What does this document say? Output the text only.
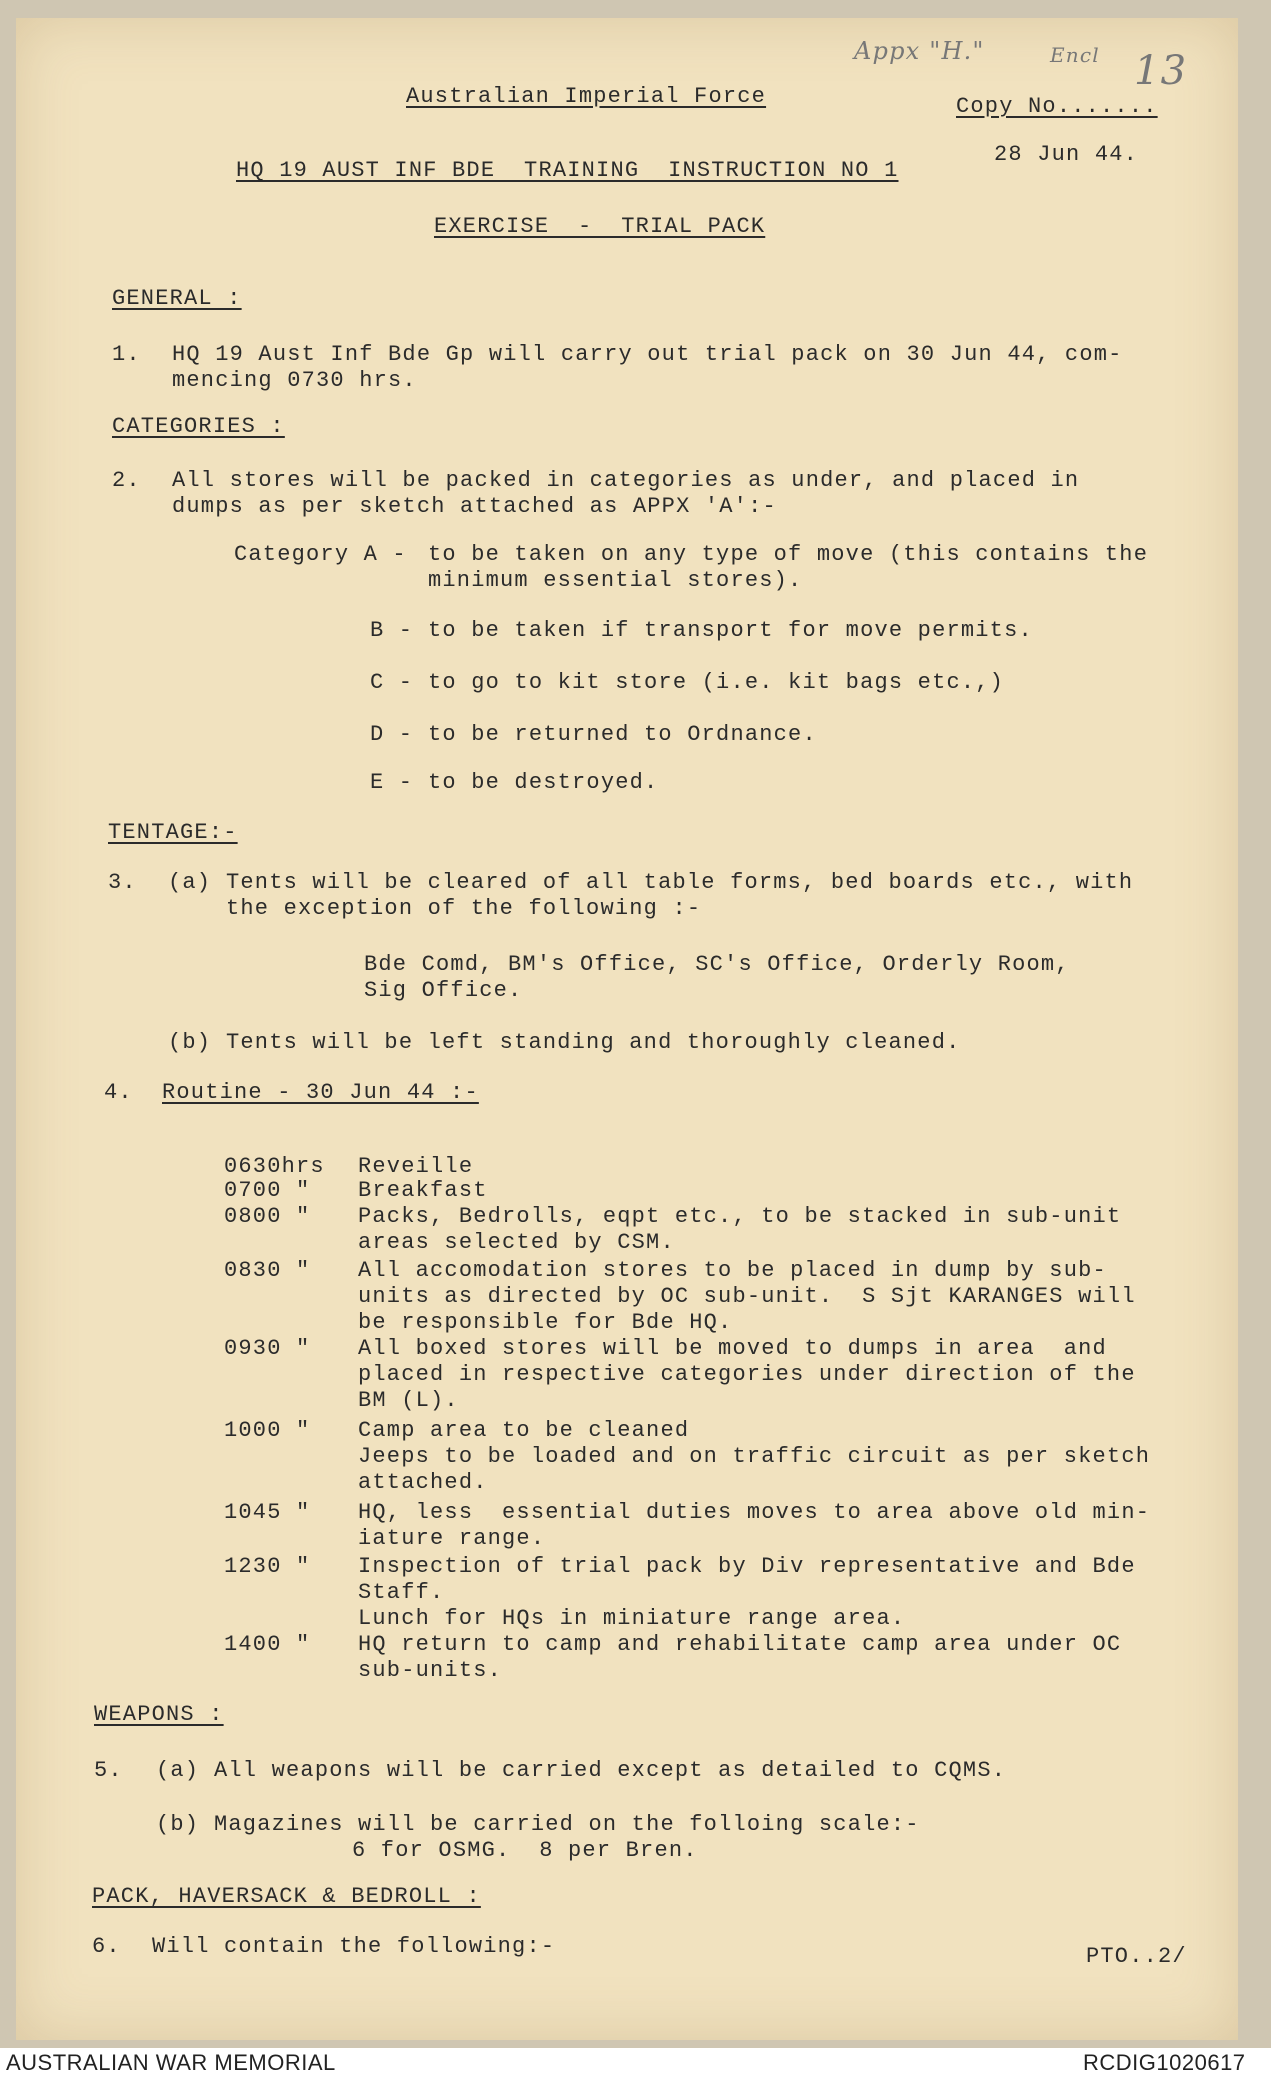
Appx "H."	Encl 13
Australian Imperial Force	Copy No.......
28 Jun 44.
HQ 19 AUST INF BDE  TRAINING  INSTRUCTION NO 1
EXERCISE  -  TRIAL PACK
GENERAL :
1. HQ 19 Aust Inf Bde Gp will carry out trial pack on 30 Jun 44, com-
mencing 0730 hrs.
CATEGORIES :
2. All stores will be packed in categories as under, and placed in
dumps as per sketch attached as APPX 'A':-
Category A - to be taken on any type of move (this contains the
minimum essential stores).
B - to be taken if transport for move permits.
C - to go to kit store (i.e. kit bags etc.,)
D - to be returned to Ordnance.
E - to be destroyed.
TENTAGE:-
3. (a) Tents will be cleared of all table forms, bed boards etc., with
the exception of the following :-
Bde Comd, BM's Office, SC's Office, Orderly Room,
Sig Office.
(b) Tents will be left standing and thoroughly cleaned.
4. Routine - 30 Jun 44 :-
0630hrs Reveille
0700 " Breakfast
0800 " Packs, Bedrolls, eqpt etc., to be stacked in sub-unit
areas selected by CSM.
0830 " All accomodation stores to be placed in dump by sub-
units as directed by OC sub-unit.  S Sjt KARANGES will
be responsible for Bde HQ.
0930 " All boxed stores will be moved to dumps in area  and
placed in respective categories under direction of the
BM (L).
1000 " Camp area to be cleaned
Jeeps to be loaded and on traffic circuit as per sketch
attached.
1045 " HQ, less  essential duties moves to area above old min-
iature range.
1230 " Inspection of trial pack by Div representative and Bde
Staff.
Lunch for HQs in miniature range area.
1400 " HQ return to camp and rehabilitate camp area under OC
sub-units.
WEAPONS :
5. (a) All weapons will be carried except as detailed to CQMS.
(b) Magazines will be carried on the folloing scale:-
6 for OSMG.  8 per Bren.
PACK, HAVERSACK & BEDROLL :
6. Will contain the following:-	PTO..2/
AUSTRALIAN WAR MEMORIAL	RCDIG1020617
